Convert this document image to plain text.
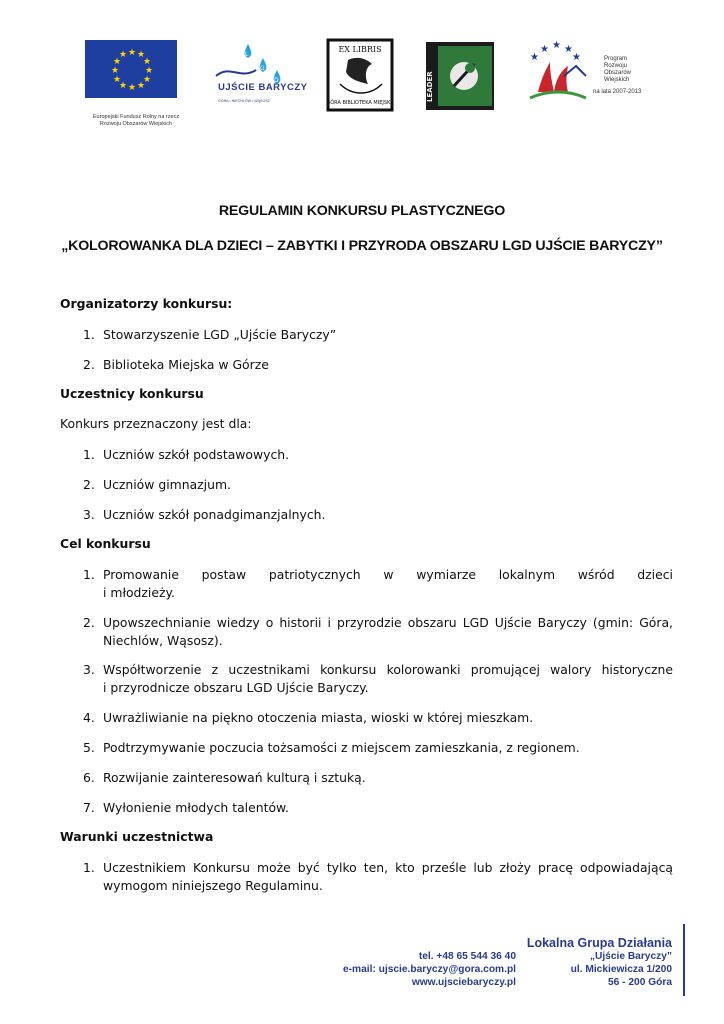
★ ★
★
★
★
★
★
★
★
★
★
★
Europejski Fundusz Rolny na rzecz
Rozwoju Obszarów Wiejskich
L
G
D
UJŚCIE BARYCZY
GÓRA • NIECHLÓW • WĄSOSZ
EX LIBRIS
GÓRA BIBLIOTEKA MIEJSKA
LEADER
★
★ ★ ★
★	Program
Rozwoju
Obszarów
Wiejskich
na lata 2007-2013
REGULAMIN KONKURSU PLASTYCZNEGO
„KOLOROWANKA DLA DZIECI – ZABYTKI I PRZYRODA OBSZARU LGD UJŚCIE BARYCZY”
Organizatorzy konkursu:
1. Stowarzyszenie LGD „Ujście Baryczy”
2. Biblioteka Miejska w Górze
Uczestnicy konkursu
Konkurs przeznaczony jest dla:
1. Uczniów szkół podstawowych.
2. Uczniów gimnazjum.
3. Uczniów szkół ponadgimanzjalnych.
Cel konkursu
1. Promowanie postaw patriotycznych w wymiarze lokalnym wśród dzieci
i młodzieży.
2. Upowszechnianie wiedzy o historii i przyrodzie obszaru LGD Ujście Baryczy (gmin: Góra,
Niechlów, Wąsosz).
3. Współtworzenie z uczestnikami konkursu kolorowanki promującej walory historyczne
i przyrodnicze obszaru LGD Ujście Baryczy.
4. Uwrażliwianie na piękno otoczenia miasta, wioski w której mieszkam.
5. Podtrzymywanie poczucia tożsamości z miejscem zamieszkania, z regionem.
6. Rozwijanie zainteresowań kulturą i sztuką.
7. Wyłonienie młodych talentów.
Warunki uczestnictwa
1. Uczestnikiem Konkursu może być tylko ten, kto prześle lub złoży pracę odpowiadającą
wymogom niniejszego Regulaminu.
tel. +48 65 544 36 40
e-mail: ujscie.baryczy@gora.com.pl
www.ujsciebaryczy.pl
Lokalna Grupa Działania
„Ujście Baryczy”
ul. Mickiewicza 1/200
56 - 200 Góra
